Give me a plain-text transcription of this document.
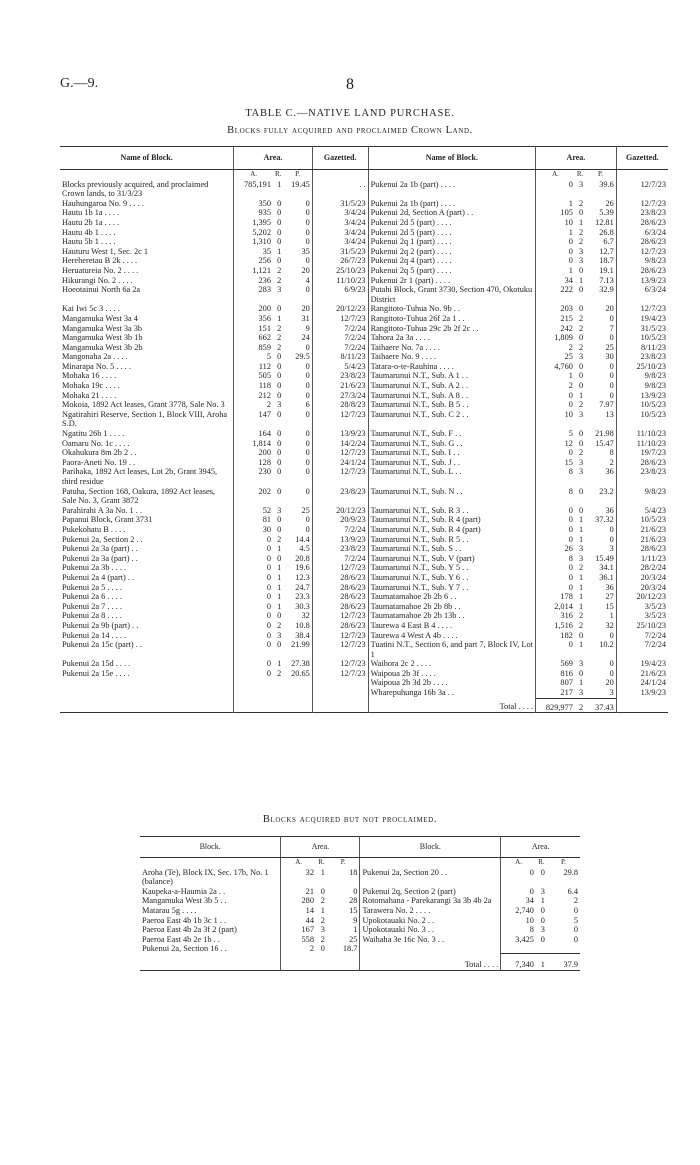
G.—9.	8
TABLE C.—NATIVE LAND PURCHASE.
Blocks fully acquired and proclaimed Crown Land.
Name of Block.	Area.			Gazetted.	Name of Block.	Area.			Gazetted.
	A.	R.	P.			A.	R.	P.	
Blocks previously acquired, and proclaimed Crown lands, to 31/3/23	785,191	1	19.45	. .	Pukenui 2a 1b (part) . . . .	0	3	39.6	12/7/23
Hauhungaroa No. 9 . . . .	350	0	0	31/5/23	Pukenui 2a 1b (part) . . . .	1	2	26	12/7/23
Hautu 1b 1a . . . .	935	0	0	3/4/24	Pukenui 2d, Section A (part) . .	105	0	5.39	23/8/23
Hautu 2b 1a . . . .	1,395	0	0	3/4/24	Pukenui 2d 5 (part) . . . .	10	1	12.81	28/6/23
Hautu 4b 1 . . . .	5,202	0	0	3/4/24	Pukenui 2d 5 (part) . . . .	1	2	26.8	6/3/24
Hautu 5b 1 . . . .	1,310	0	0	3/4/24	Pukenui 2q 1 (part) . . . .	0	2	6.7	28/6/23
Hauturu West 1, Sec. 2c 1	35	1	35	31/5/23	Pukenui 2q 2 (part) . . . .	0	3	12.7	12/7/23
Hereheretau B 2k . . . .	256	0	0	26/7/23	Pukenui 2q 4 (part) . . . .	0	3	18.7	9/8/23
Heruatureia No. 2 . . . .	1,121	2	20	25/10/23	Pukenui 2q 5 (part) . . . .	1	0	19.1	28/6/23
Hikurangi No. 2 . . . .	236	2	4	11/10/23	Pukenui 2r 1 (part) . . . .	34	1	7.13	13/9/23
Hoeotainui North 6a 2a	283	3	0	6/9/23	Putahi Block, Grant 3730, Section 470, Okotuku District	222	0	32.9	6/3/24
Kai Iwi 5c 3 . . . .	200	0	20	20/12/23	Rangitoto-Tuhua No. 9b . .	203	0	20	12/7/23
Mangamuka West 3a 4	356	1	31	12/7/23	Rangitoto-Tuhua 26f 2a 1 . .	215	2	0	19/4/23
Mangamuka West 3a 3b	151	2	9	7/2/24	Rangitoto-Tuhua 29c 2b 2f 2c . .	242	2	7	31/5/23
Mangamuka West 3b 1b	662	2	24	7/2/24	Tahora 2a 3a . . . .	1,809	0	0	10/5/23
Mangamuka West 3b 2b	859	2	0	7/2/24	Taihaere No. 7a . . . .	2	2	25	8/11/23
Mangonaha 2a . . . .	5	0	29.5	8/11/23	Taihaere No. 9 . . . .	25	3	30	23/8/23
Minarapa No. 5 . . . .	112	0	0	5/4/23	Tatara-o-te-Rauhina . . . .	4,760	0	0	25/10/23
Mohaka 16 . . . .	505	0	0	23/8/23	Taumarunui N.T., Sub. A 1 . .	1	0	0	9/8/23
Mohaka 19c . . . .	118	0	0	21/6/23	Taumarunui N.T., Sub. A 2 . .	2	0	0	9/8/23
Mohaka 21 . . . .	212	0	0	27/3/24	Taumarunui N.T., Sub. A 8 . .	0	1	0	13/9/23
Mokoia, 1892 Act leases, Grant 3778, Sale No. 3	2	3	6	28/8/23	Taumarunui N.T., Sub. B 5 . .	0	2	7.97	10/5/23
Ngatirahiri Reserve, Section 1, Block VIII, Aroha S.D.	147	0	0	12/7/23	Taumarunui N.T., Sub. C 2 . .	10	3	13	10/5/23
Ngatitu 26b 1 . . . .	164	0	0	13/9/23	Taumarunui N.T., Sub. F . .	5	0	21.98	11/10/23
Oamaru No. 1c . . . .	1,814	0	0	14/2/24	Taumarunui N.T., Sub. G . .	12	0	15.47	11/10/23
Okahukura 8m 2b 2 . .	200	0	0	12/7/23	Taumarunui N.T., Sub. I . .	0	2	8	19/7/23
Paora-Aneti No. 19 . .	128	0	0	24/1/24	Taumarunui N.T., Sub. J . .	15	3	2	28/6/23
Parihaka, 1892 Act leases, Lot 2b, Grant 3945, third residue	230	0	0	12/7/23	Taumarunui N.T., Sub. L . .	8	3	36	23/8/23
Patuha, Section 168, Oakura, 1892 Act leases, Sale No. 3, Grant 3872	202	0	0	23/8/23	Taumarunui N.T., Sub. N . .	8	0	23.2	9/8/23
Parahirahi A 3a No. 1 . .	52	3	25	20/12/23	Taumarunui N.T., Sub. R 3 . .	0	0	36	5/4/23
Papanui Block, Grant 3731	81	0	0	20/9/23	Taumarunui N.T., Sub. R 4 (part)	0	1	37.32	10/5/23
Pukekohatu B . . . .	30	0	0	7/2/24	Taumarunui N.T., Sub. R 4 (part)	0	1	0	21/6/23
Pukenui 2a, Section 2 . .	0	2	14.4	13/9/23	Taumarunui N.T., Sub. R 5 . .	0	1	0	21/6/23
Pukenui 2a 3a (part) . .	0	1	4.5	23/8/23	Taumarunui N.T., Sub. S . .	26	3	3	28/6/23
Pukenui 2a 3a (part) . .	0	0	20.8	7/2/24	Taumarunui N.T., Sub. V (part)	8	3	15.49	1/11/23
Pukenui 2a 3b . . . .	0	1	19.6	12/7/23	Taumarunui N.T., Sub. Y 5 . .	0	2	34.1	28/2/24
Pukenui 2a 4 (part) . .	0	1	12.3	28/6/23	Taumarunui N.T., Sub. Y 6 . .	0	1	36.1	20/3/24
Pukenui 2a 5 . . . .	0	1	24.7	28/6/23	Taumarunui N.T., Sub. Y 7 . .	0	1	36	20/3/24
Pukenui 2a 6 . . . .	0	1	23.3	28/6/23	Taumatamahoe 2b 2b 6 . .	178	1	27	20/12/23
Pukenui 2a 7 . . . .	0	1	30.3	28/6/23	Taumatamahoe 2b 2b 8b . .	2,014	1	15	3/5/23
Pukenui 2a 8 . . . .	0	0	32	12/7/23	Taumatamahoe 2b 2b 13b . .	316	2	1	3/5/23
Pukenui 2a 9b (part) . .	0	2	10.8	28/6/23	Taurewa 4 East B 4 . . . .	1,516	2	32	25/10/23
Pukenui 2a 14 . . . .	0	3	38.4	12/7/23	Taurewa 4 West A 4b . . . .	182	0	0	7/2/24
Pukenui 2a 15c (part) . .	0	0	21.99	12/7/23	Tuatini N.T., Section 6, and part 7, Block IV, Lot 1	0	1	10.2	7/2/24
Pukenui 2a 15d . . . .	0	1	27.38	12/7/23	Waihora 2c 2 . . . .	569	3	0	19/4/23
Pukenui 2a 15e . . . .	0	2	20.65	12/7/23	Waipoua 2b 3f . . . .	816	0	0	21/6/23
					Waipoua 2b 3d 2b . . . .	807	1	20	24/1/24
					Wharepuhunga 16b 3a . .	217	3	3	13/9/23
					Total . . . .	829,977	2	37.43	

Blocks acquired but not proclaimed.
Block.	Area.			Block.	Area.		
	A.	R.	P.		A.	R.	P.
Aroha (Te), Block IX, Sec. 17b, No. 1 (balance)	32	1	18	Pukenui 2a, Section 20 . .	0	0	29.8
Kaupeka-a-Haumia 2a . .	21	0	0	Pukenui 2q, Section 2 (part)	0	3	6.4
Mangamuka West 3b 5 . .	280	2	28	Rotomahana - Parekarangi 3a 3b 4b 2a	34	1	2
Matarau 5g . . . .	14	1	15	Tarawera No. 2 . . . .	2,740	0	0
Paeroa East 4b 1b 3c 1 . .	44	2	9	Upokotauaki No. 2 . .	10	0	5
Paeroa East 4b 2a 3f 2 (part)	167	3	1	Upokotauaki No. 3 . .	8	3	0
Paeroa East 4b 2e 1b . .	558	2	25	Waihaha 3e 16c No. 3 . .	3,425	0	0
Pukenui 2a, Section 16 . .	2	0	18.7				
				Total . . . .	7,340	1	37.9
